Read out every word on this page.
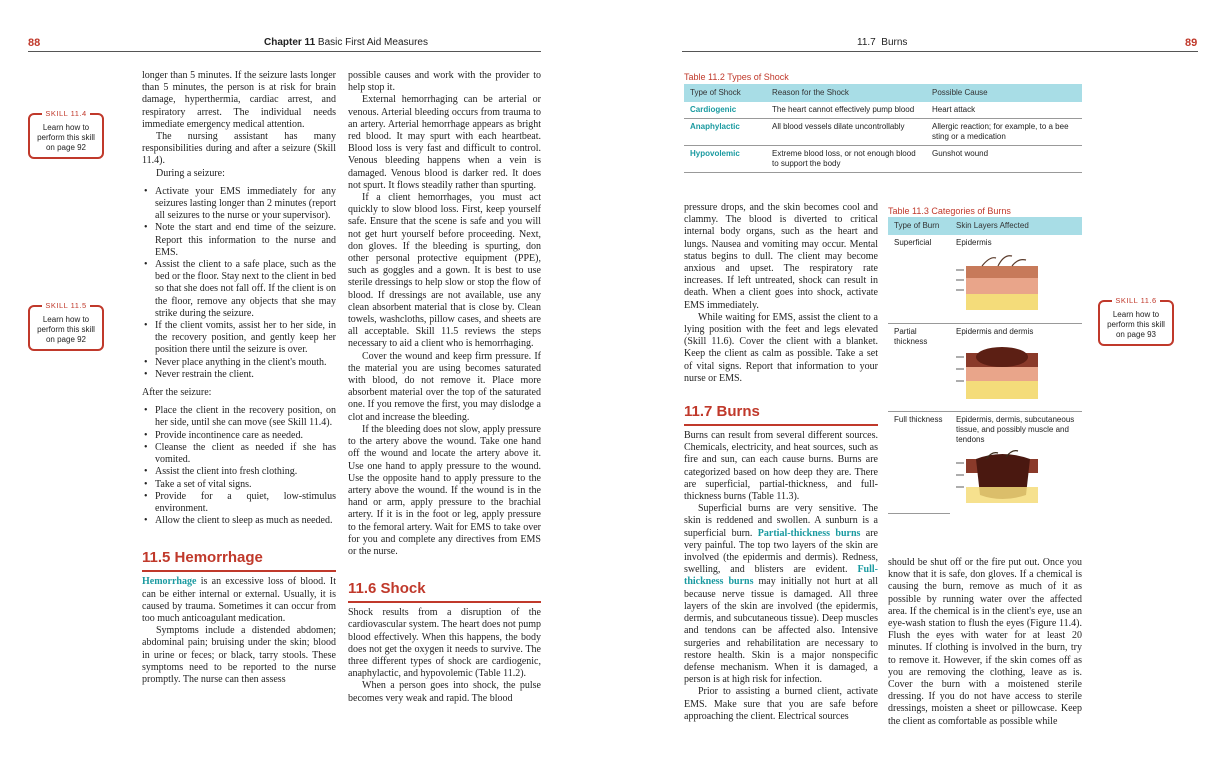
88	Chapter 11 Basic First Aid Measures
SKILL 11.4
Learn how to perform this skill on page 92
SKILL 11.5
Learn how to perform this skill on page 92

longer than 5 minutes. If the seizure lasts longer than 5 minutes, the person is at risk for brain damage, hyperthermia, cardiac arrest, and respiratory arrest. The individual needs immediate emergency medical attention.

The nursing assistant has many responsibilities during and after a seizure (Skill 11.4).

During a seizure:

• Activate your EMS immediately for any seizures lasting longer than 2 minutes (report all seizures to the nurse or your supervisor).
• Note the start and end time of the seizure. Report this information to the nurse and EMS.
• Assist the client to a safe place, such as the bed or the floor. Stay next to the client in bed so that she does not fall off. If the client is on the floor, remove any objects that she may strike during the seizure.
• If the client vomits, assist her to her side, in the recovery position, and gently keep her position there until the seizure is over.
• Never place anything in the client's mouth.
• Never restrain the client.

After the seizure:

• Place the client in the recovery position, on her side, until she can move (see Skill 11.4).
• Provide incontinence care as needed.
• Cleanse the client as needed if she has vomited.
• Assist the client into fresh clothing.
• Take a set of vital signs.
• Provide for a quiet, low-stimulus environment.
• Allow the client to sleep as much as needed.
11.5 Hemorrhage

Hemorrhage is an excessive loss of blood. It can be either internal or external. Usually, it is caused by trauma. Sometimes it can occur from too much anticoagulant medication.

Symptoms include a distended abdomen; abdominal pain; bruising under the skin; blood in urine or feces; or black, tarry stools. These symptoms need to be reported to the nurse promptly. The nurse can then assess

possible causes and work with the provider to help stop it.

External hemorrhaging can be arterial or venous. Arterial bleeding occurs from trauma to an artery. Arterial hemorrhage appears as bright red blood. It may spurt with each heartbeat. Blood loss is very fast and difficult to control. Venous bleeding happens when a vein is damaged. Venous blood is darker red. It does not spurt. It flows steadily rather than spurting.

If a client hemorrhages, you must act quickly to slow blood loss. First, keep yourself safe. Ensure that the scene is safe and you will not get hurt yourself before proceeding. Next, don gloves. If the bleeding is spurting, don other personal protective equipment (PPE), such as goggles and a gown. It is best to use sterile dressings to help slow or stop the flow of blood. If dressings are not available, use any clean absorbent material that is close by. Clean towels, washcloths, pillow cases, and sheets are all acceptable. Skill 11.5 reviews the steps necessary to aid a client who is hemorrhaging.

Cover the wound and keep firm pressure. If the material you are using becomes saturated with blood, do not remove it. Place more absorbent material over the top of the saturated one. If you remove the first, you may dislodge a clot and increase the bleeding.

If the bleeding does not slow, apply pressure to the artery above the wound. Take one hand off the wound and locate the artery above it. Use one hand to apply pressure to the wound. Use the opposite hand to apply pressure to the artery above the wound. If the wound is in the hand or arm, apply pressure to the brachial artery. If it is in the foot or leg, apply pressure to the femoral artery. Wait for EMS to take over for you and complete any directives from EMS or the nurse.

11.6 Shock

Shock results from a disruption of the cardiovascular system. The heart does not pump blood effectively. When this happens, the body does not get the oxygen it needs to survive. The three different types of shock are cardiogenic, anaphylactic, and hypovolemic (Table 11.2).

When a person goes into shock, the pulse becomes very weak and rapid. The blood

11.7 Burns	89
Table 11.2 Types of Shock
Type of Shock	Reason for the Shock	Possible Cause
Cardiogenic	The heart cannot effectively pump blood	Heart attack
Anaphylactic	All blood vessels dilate uncontrollably	Allergic reaction; for example, to a bee sting or a medication
Hypovolemic	Extreme blood loss, or not enough blood to support the body	Gunshot wound
Table 11.3 Categories of Burns
Type of Burn	Skin Layers Affected
Superficial	Epidermis

Partial thickness	Epidermis and dermis

Full thickness	Epidermis, dermis, subcutaneous tissue, and possibly muscle and tendons
SKILL 11.6
Learn how to perform this skill on page 93

pressure drops, and the skin becomes cool and clammy. The blood is diverted to critical internal body organs, such as the heart and lungs. Nausea and vomiting may occur. Mental status begins to dull. The client may become anxious and upset. The respiratory rate increases. If left untreated, shock can result in death. When a client goes into shock, activate EMS immediately.

While waiting for EMS, assist the client to a lying position with the feet and legs elevated (Skill 11.6). Cover the client with a blanket. Keep the client as calm as possible. Take a set of vital signs. Report that information to your nurse or EMS.

11.7 Burns

Burns can result from several different sources. Chemicals, electricity, and heat sources, such as fire and sun, can each cause burns. Burns are categorized based on how deep they are. There are superficial, partial-thickness, and full-thickness burns (Table 11.3).

Superficial burns are very sensitive. The skin is reddened and swollen. A sunburn is a superficial burn. Partial-thickness burns are very painful. The top two layers of the skin are involved (the epidermis and dermis). Redness, swelling, and blisters are evident. Full-thickness burns may initially not hurt at all because nerve tissue is damaged. All three layers of the skin are involved (the epidermis, dermis, and subcutaneous tissue). Deep muscles and tendons can be affected also. Intensive surgeries and rehabilitation are necessary to restore health. Skin is a major nonspecific defense mechanism. When it is damaged, a person is at high risk for infection.

Prior to assisting a burned client, activate EMS. Make sure that you are safe before approaching the client. Electrical sources

should be shut off or the fire put out. Once you know that it is safe, don gloves. If a chemical is causing the burn, remove as much of it as possible by running water over the affected area. If the chemical is in the client's eye, use an eye-wash station to flush the eyes (Figure 11.4). Flush the eyes with water for at least 20 minutes. If clothing is involved in the burn, try to remove it. However, if the skin comes off as you are removing the clothing, leave as is. Cover the burn with a moistened sterile dressing. If you do not have access to sterile dressings, moisten a sheet or pillowcase. Keep the client as comfortable as possible while
